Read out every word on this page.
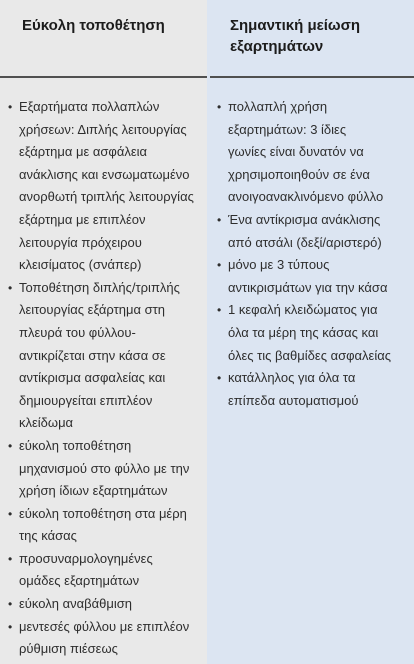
Εύκολη τοποθέτηση
• Εξαρτήματα πολλαπλών
χρήσεων: Διπλής λειτουργίας
εξάρτημα με ασφάλεια
ανάκλισης και ενσωματωμένο
ανορθωτή τριπλής λειτουργίας
εξάρτημα με επιπλέον
λειτουργία πρόχειρου
κλεισίματος (σνάπερ)
• Τοποθέτηση διπλής/τριπλής
λειτουργίας εξάρτημα στη
πλευρά του φύλλου-
αντικρίζεται στην κάσα σε
αντίκρισμα ασφαλείας και
δημιουργείται επιπλέον
κλείδωμα
• εύκολη τοποθέτηση
μηχανισμού στο φύλλο με την
χρήση ίδιων εξαρτημάτων
• εύκολη τοποθέτηση στα μέρη
της κάσας
• προσυναρμολογημένες
ομάδες εξαρτημάτων
• εύκολη αναβάθμιση
• μεντεσές φύλλου με επιπλέον
ρύθμιση πιέσεως
Σημαντική μείωση
εξαρτημάτων
• πολλαπλή χρήση
εξαρτημάτων: 3 ίδιες
γωνίες είναι δυνατόν να
χρησιμοποιηθούν σε ένα
ανοιγοανακλινόμενο φύλλο
• Ένα αντίκρισμα ανάκλισης
από ατσάλι (δεξί/αριστερό)
• μόνο με 3 τύπους
αντικρισμάτων για την κάσα
• 1 κεφαλή κλειδώματος για
όλα τα μέρη της κάσας και
όλες τις βαθμίδες ασφαλείας
• κατάλληλος για όλα τα
επίπεδα αυτοματισμού
